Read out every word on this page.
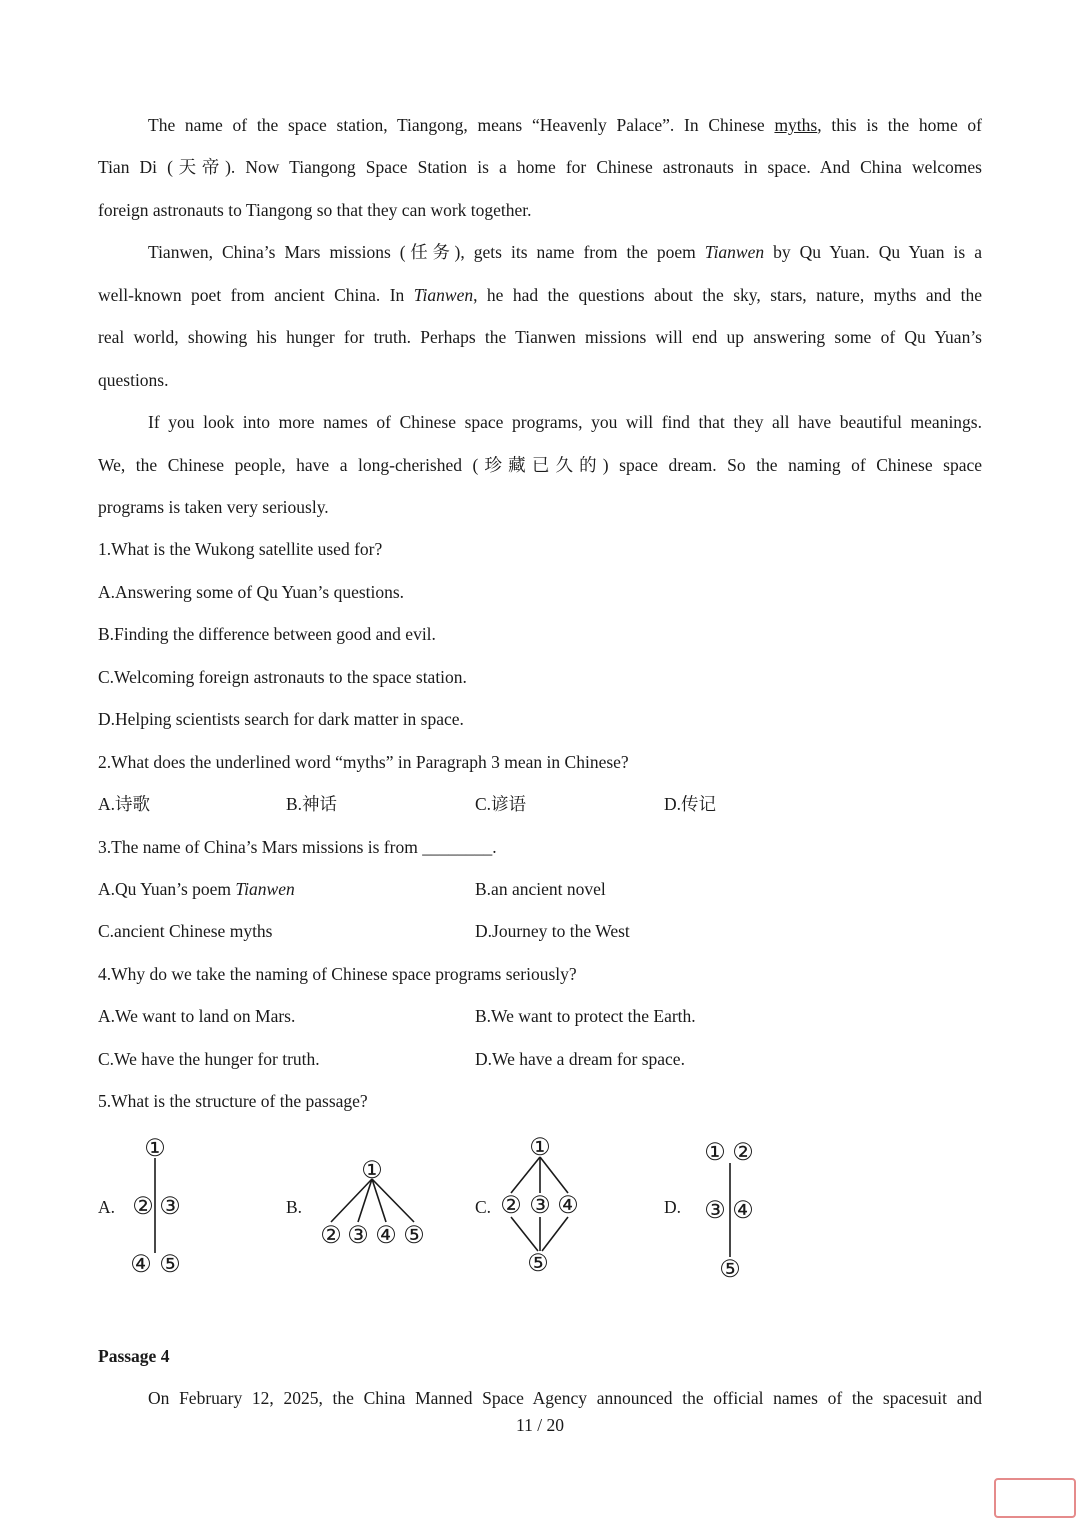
The name of the space station, Tiangong, means “Heavenly Palace”. In Chinese myths, this is the home of
Tian Di (天帝). Now Tiangong Space Station is a home for Chinese astronauts in space. And China welcomes
foreign astronauts to Tiangong so that they can work together.
Tianwen, China’s Mars missions (任务), gets its name from the poem Tianwen by Qu Yuan. Qu Yuan is a
well-known poet from ancient China. In Tianwen, he had the questions about the sky, stars, nature, myths and the
real world, showing his hunger for truth. Perhaps the Tianwen missions will end up answering some of Qu Yuan’s
questions.
If you look into more names of Chinese space programs, you will find that they all have beautiful meanings.
We, the Chinese people, have a long-cherished (珍藏已久的) space dream. So the naming of Chinese space
programs is taken very seriously.
1.What is the Wukong satellite used for?
A.Answering some of Qu Yuan’s questions.
B.Finding the difference between good and evil.
C.Welcoming foreign astronauts to the space station.
D.Helping scientists search for dark matter in space.
2.What does the underlined word “myths” in Paragraph 3 mean in Chinese?
A.诗歌	B.神话	C.谚语	D.传记
3.The name of China’s Mars missions is from ________.
A.Qu Yuan’s poem Tianwen	B.an ancient novel
C.ancient Chinese myths	D.Journey to the West
4.Why do we take the naming of Chinese space programs seriously?
A.We want to land on Mars.	B.We want to protect the Earth.
C.We have the hunger for truth.	D.We have a dream for space.
5.What is the structure of the passage?
A.	B.	C.	D.
①
② ③
④ ⑤
①
② ③ ④ ⑤
①
② ③ ④
⑤
① ②
③ ④
⑤
Passage 4
On February 12, 2025, the China Manned Space Agency announced the official names of the spacesuit and
11 / 20
